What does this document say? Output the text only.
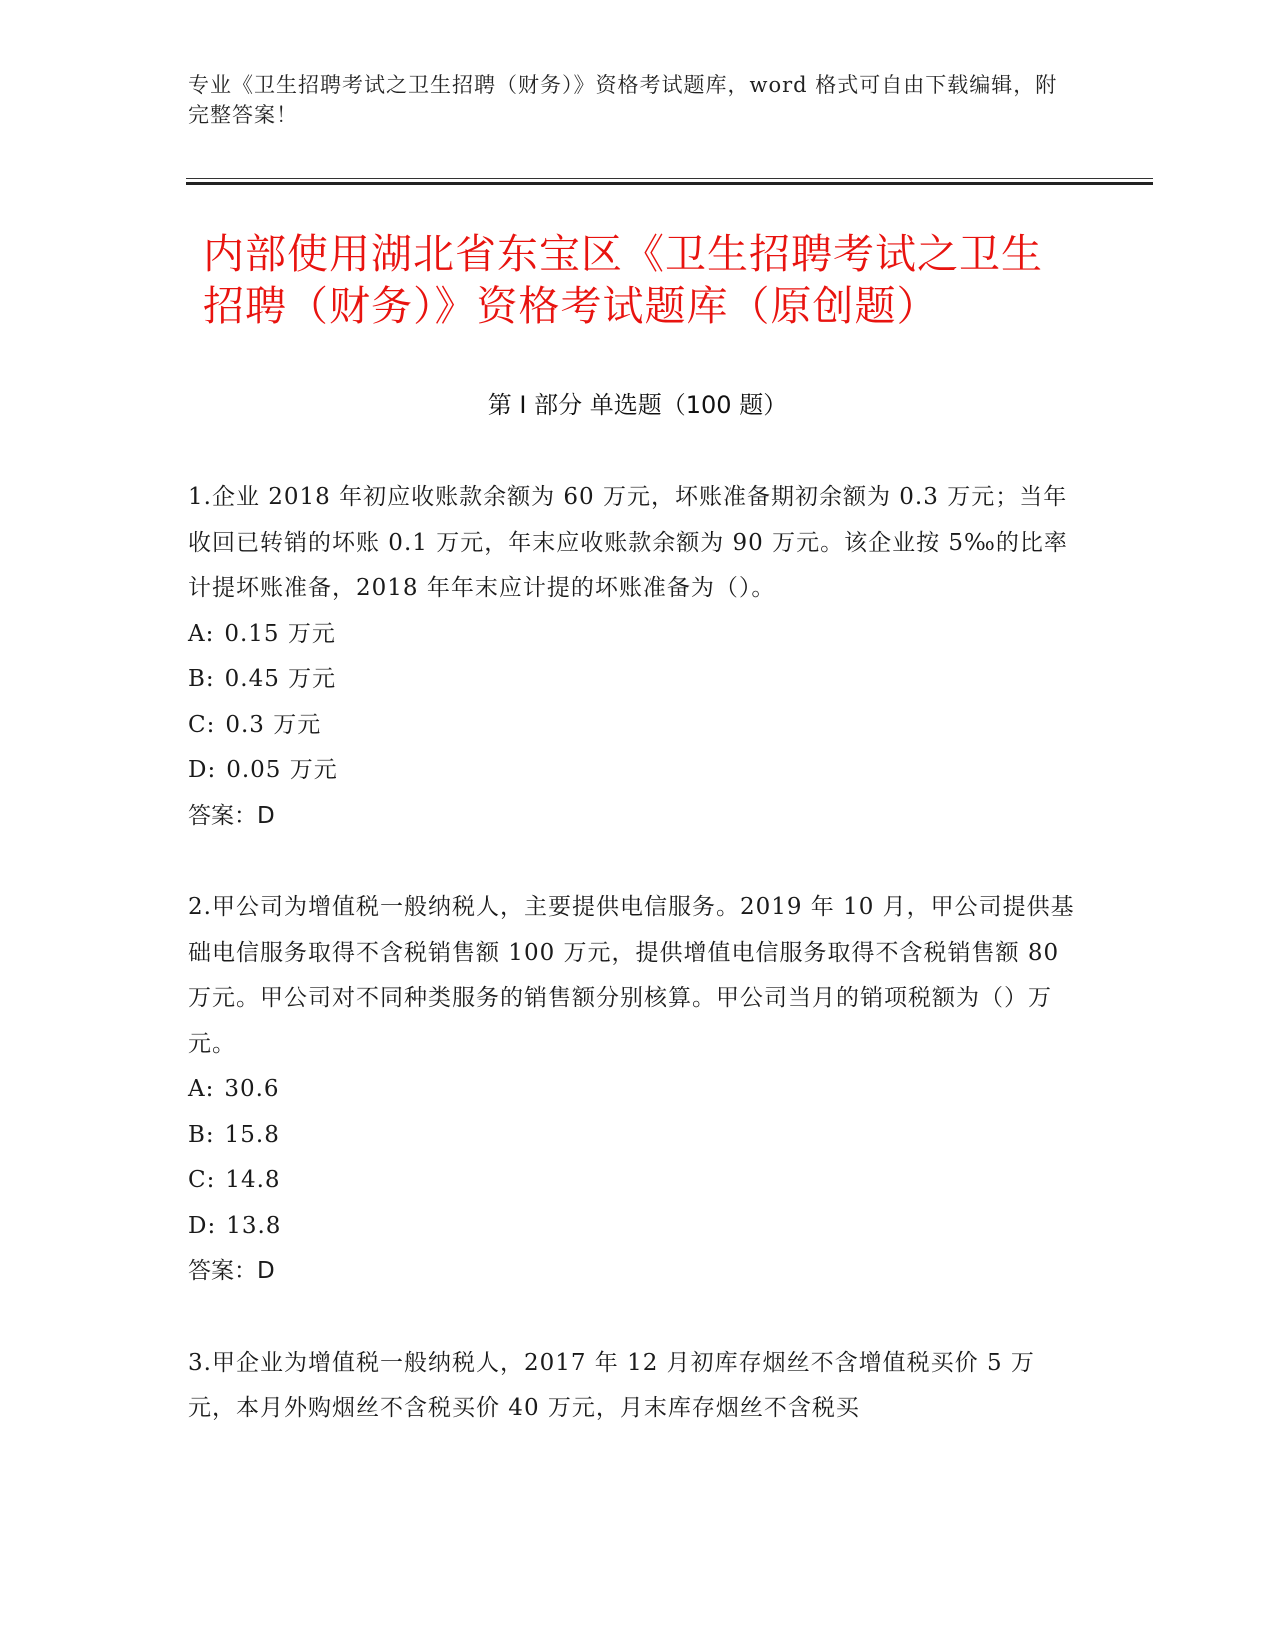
专业《卫生招聘考试之卫生招聘（财务）》资格考试题库，word 格式可自由下载编辑，附完整答案！
内部使用湖北省东宝区《卫生招聘考试之卫生招聘（财务）》资格考试题库（原创题）
第 I 部分 单选题（100 题）
1.企业 2018 年初应收账款余额为 60 万元，坏账准备期初余额为 0.3 万元；当年收回已转销的坏账 0.1 万元，年末应收账款余额为 90 万元。该企业按 5‰的比率计提坏账准备，2018 年年末应计提的坏账准备为（）。
A: 0.15 万元
B: 0.45 万元
C: 0.3 万元
D: 0.05 万元
答案：D
2.甲公司为增值税一般纳税人，主要提供电信服务。2019 年 10 月，甲公司提供基础电信服务取得不含税销售额 100 万元，提供增值电信服务取得不含税销售额 80 万元。甲公司对不同种类服务的销售额分别核算。甲公司当月的销项税额为（）万元。
A: 30.6
B: 15.8
C: 14.8
D: 13.8
答案：D
3.甲企业为增值税一般纳税人，2017 年 12 月初库存烟丝不含增值税买价 5 万元，本月外购烟丝不含税买价 40 万元，月末库存烟丝不含税买
